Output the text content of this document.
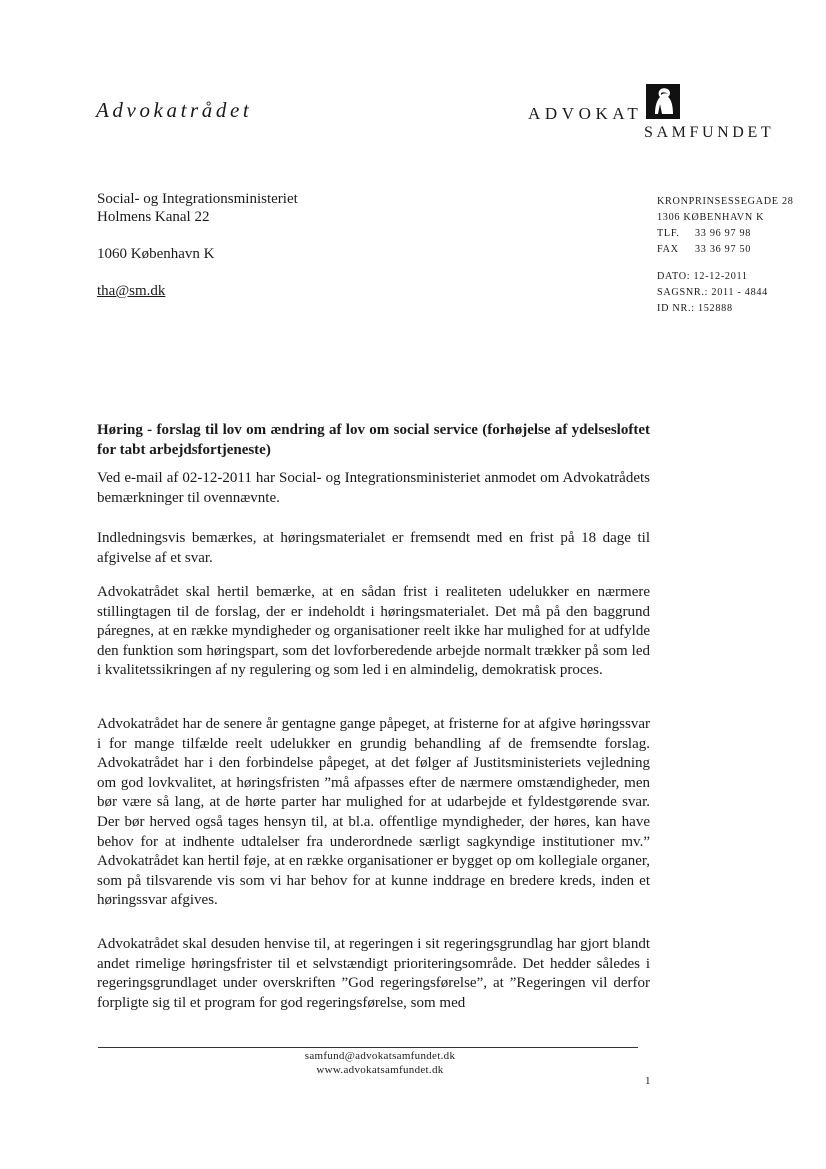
Advokatrådet	ADVOKAT
SAMFUNDET
Social- og Integrationsministeriet
Holmens Kanal 22
1060 København K
tha@sm.dk
KRONPRINSESSEGADE 28
1306 KØBENHAVN K
TLF. 33 96 97 98
FAX 33 36 97 50
DATO: 12-12-2011
SAGSNR.: 2011 - 4844
ID NR.: 152888
Høring - forslag til lov om ændring af lov om social service (forhøjelse af ydelsesloftet for tabt arbejdsfortjeneste)

Ved e-mail af 02-12-2011 har Social- og Integrationsministeriet anmodet om Advokatrådets bemærkninger til ovennævnte.

Indledningsvis bemærkes, at høringsmaterialet er fremsendt med en frist på 18 dage til afgivelse af et svar.

Advokatrådet skal hertil bemærke, at en sådan frist i realiteten udelukker en nærmere stillingtagen til de forslag, der er indeholdt i høringsmaterialet. Det må på den baggrund páregnes, at en række myndigheder og organisationer reelt ikke har mulighed for at udfylde den funktion som høringspart, som det lovforberedende arbejde normalt trækker på som led i kvalitetssikringen af ny regulering og som led i en almindelig, demokratisk proces.

Advokatrådet har de senere år gentagne gange påpeget, at fristerne for at afgive høringssvar i for mange tilfælde reelt udelukker en grundig behandling af de fremsendte forslag. Advokatrådet har i den forbindelse påpeget, at det følger af Justitsministeriets vejledning om god lovkvalitet, at høringsfristen ”må afpasses efter de nærmere omstændigheder, men bør være så lang, at de hørte parter har mulighed for at udarbejde et fyldestgørende svar. Der bør herved også tages hensyn til, at bl.a. offentlige myndigheder, der høres, kan have behov for at indhente udtalelser fra underordnede særligt sagkyndige institutioner mv.” Advokatrådet kan hertil føje, at en række organisationer er bygget op om kollegiale organer, som på tilsvarende vis som vi har behov for at kunne inddrage en bredere kreds, inden et høringssvar afgives.

Advokatrådet skal desuden henvise til, at regeringen i sit regeringsgrundlag har gjort blandt andet rimelige høringsfrister til et selvstændigt prioriteringsområde. Det hedder således i regeringsgrundlaget under overskriften ”God regeringsførelse”, at ”Regeringen vil derfor forpligte sig til et program for god regeringsførelse, som med

samfund@advokatsamfundet.dk
www.advokatsamfundet.dk
1
